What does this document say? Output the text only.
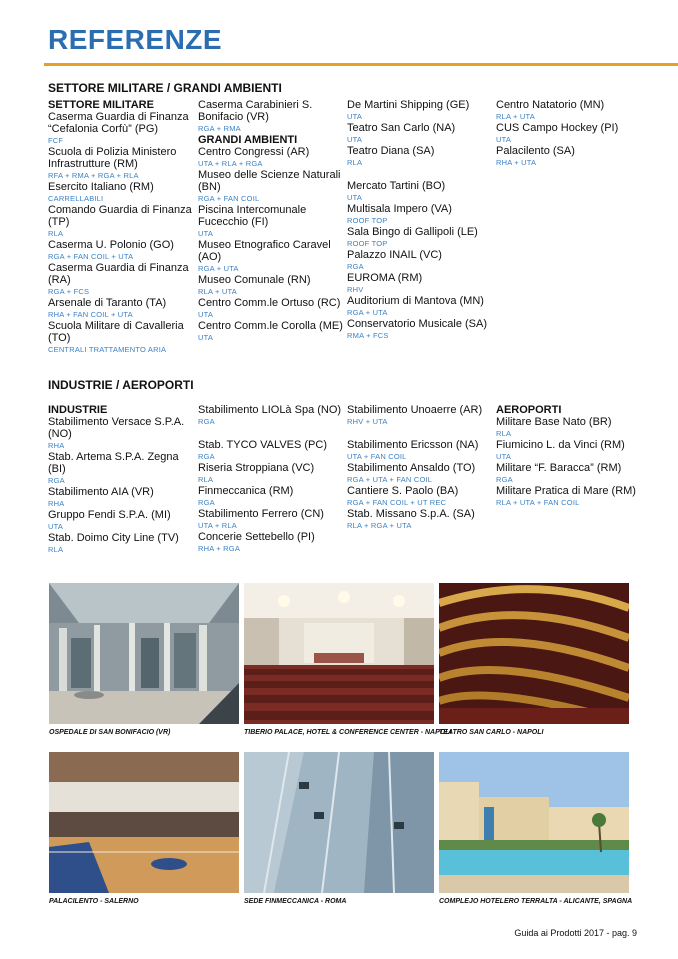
REFERENZE
SETTORE MILITARE / GRANDI AMBIENTI
SETTORE MILITARE
Caserma Guardia di Finanza “Cefalonia Corfù” (PG)
FCF
Scuola di Polizia Ministero Infrastrutture (RM)
RFA + RMA + RGA + RLA
Esercito Italiano (RM)
CARRELLABILI
Comando Guardia di Finanza (TP)
RLA
Caserma U. Polonio (GO)
RGA + FAN COIL + UTA
Caserma Guardia di Finanza (RA)
RGA + FCS
Arsenale di Taranto (TA)
RHA + FAN COIL + UTA
Scuola Militare di Cavalleria (TO)
CENTRALI TRATTAMENTO ARIA
Caserma Carabinieri S. Bonifacio (VR)
RGA + RMA
GRANDI AMBIENTI
Centro Congressi (AR)
UTA + RLA + RGA
Museo delle Scienze Naturali (BN)
RGA + FAN COIL
Piscina Intercomunale Fucecchio (FI)
UTA
Museo Etnografico Caravel (AO)
RGA + UTA
Museo Comunale (RN)
RLA + UTA
Centro Comm.le Ortuso (RC)
UTA
Centro Comm.le Corolla (ME)
UTA
De Martini Shipping (GE)
UTA
Teatro San Carlo (NA)
UTA
Teatro Diana (SA)
RLA
Mercato Tartini (BO)
UTA
Multisala Impero (VA)
ROOF TOP
Sala Bingo di Gallipoli (LE)
ROOF TOP
Palazzo INAIL (VC)
RGA
EUROMA (RM)
RHV
Auditorium di Mantova (MN)
RGA + UTA
Conservatorio Musicale (SA)
RMA + FCS
Centro Natatorio (MN)
RLA + UTA
CUS Campo Hockey (PI)
UTA
Palacilento (SA)
RHA + UTA
INDUSTRIE / AEROPORTI
INDUSTRIE
Stabilimento Versace S.P.A. (NO)
RHA
Stab. Artema S.P.A. Zegna (BI)
RGA
Stabilimento AIA (VR)
RHA
Gruppo Fendi S.P.A. (MI)
UTA
Stab. Doimo City Line (TV)
RLA
Stabilimento LIOLà Spa (NO)
RGA
Stab. TYCO VALVES (PC)
RGA
Riseria Stroppiana (VC)
RLA
Finmeccanica (RM)
RGA
Stabilimento Ferrero (CN)
UTA + RLA
Concerie Settebello (PI)
RHA + RGA
Stabilimento Unoaerre (AR)
RHV + UTA
Stabilimento Ericsson (NA)
UTA + FAN COIL
Stabilimento Ansaldo (TO)
RGA + UTA + FAN COIL
Cantiere S. Paolo (BA)
RGA + FAN COIL + UT REC
Stab. Missano S.p.A. (SA)
RLA + RGA + UTA
AEROPORTI
Militare Base Nato (BR)
RLA
Fiumicino L. da Vinci (RM)
UTA
Militare “F. Baracca” (RM)
RGA
Militare Pratica di Mare (RM)
RLA + UTA + FAN COIL
OSPEDALE DI SAN BONIFACIO (VR)	TIBERIO PALACE, HOTEL & CONFERENCE CENTER - NAPOLI
TEATRO SAN CARLO - NAPOLI
PALACILENTO - SALERNO	SEDE FINMECCANICA - ROMA	COMPLEJO HOTELERO TERRALTA - ALICANTE, SPAGNA
Guida ai Prodotti 2017 - pag. 9
